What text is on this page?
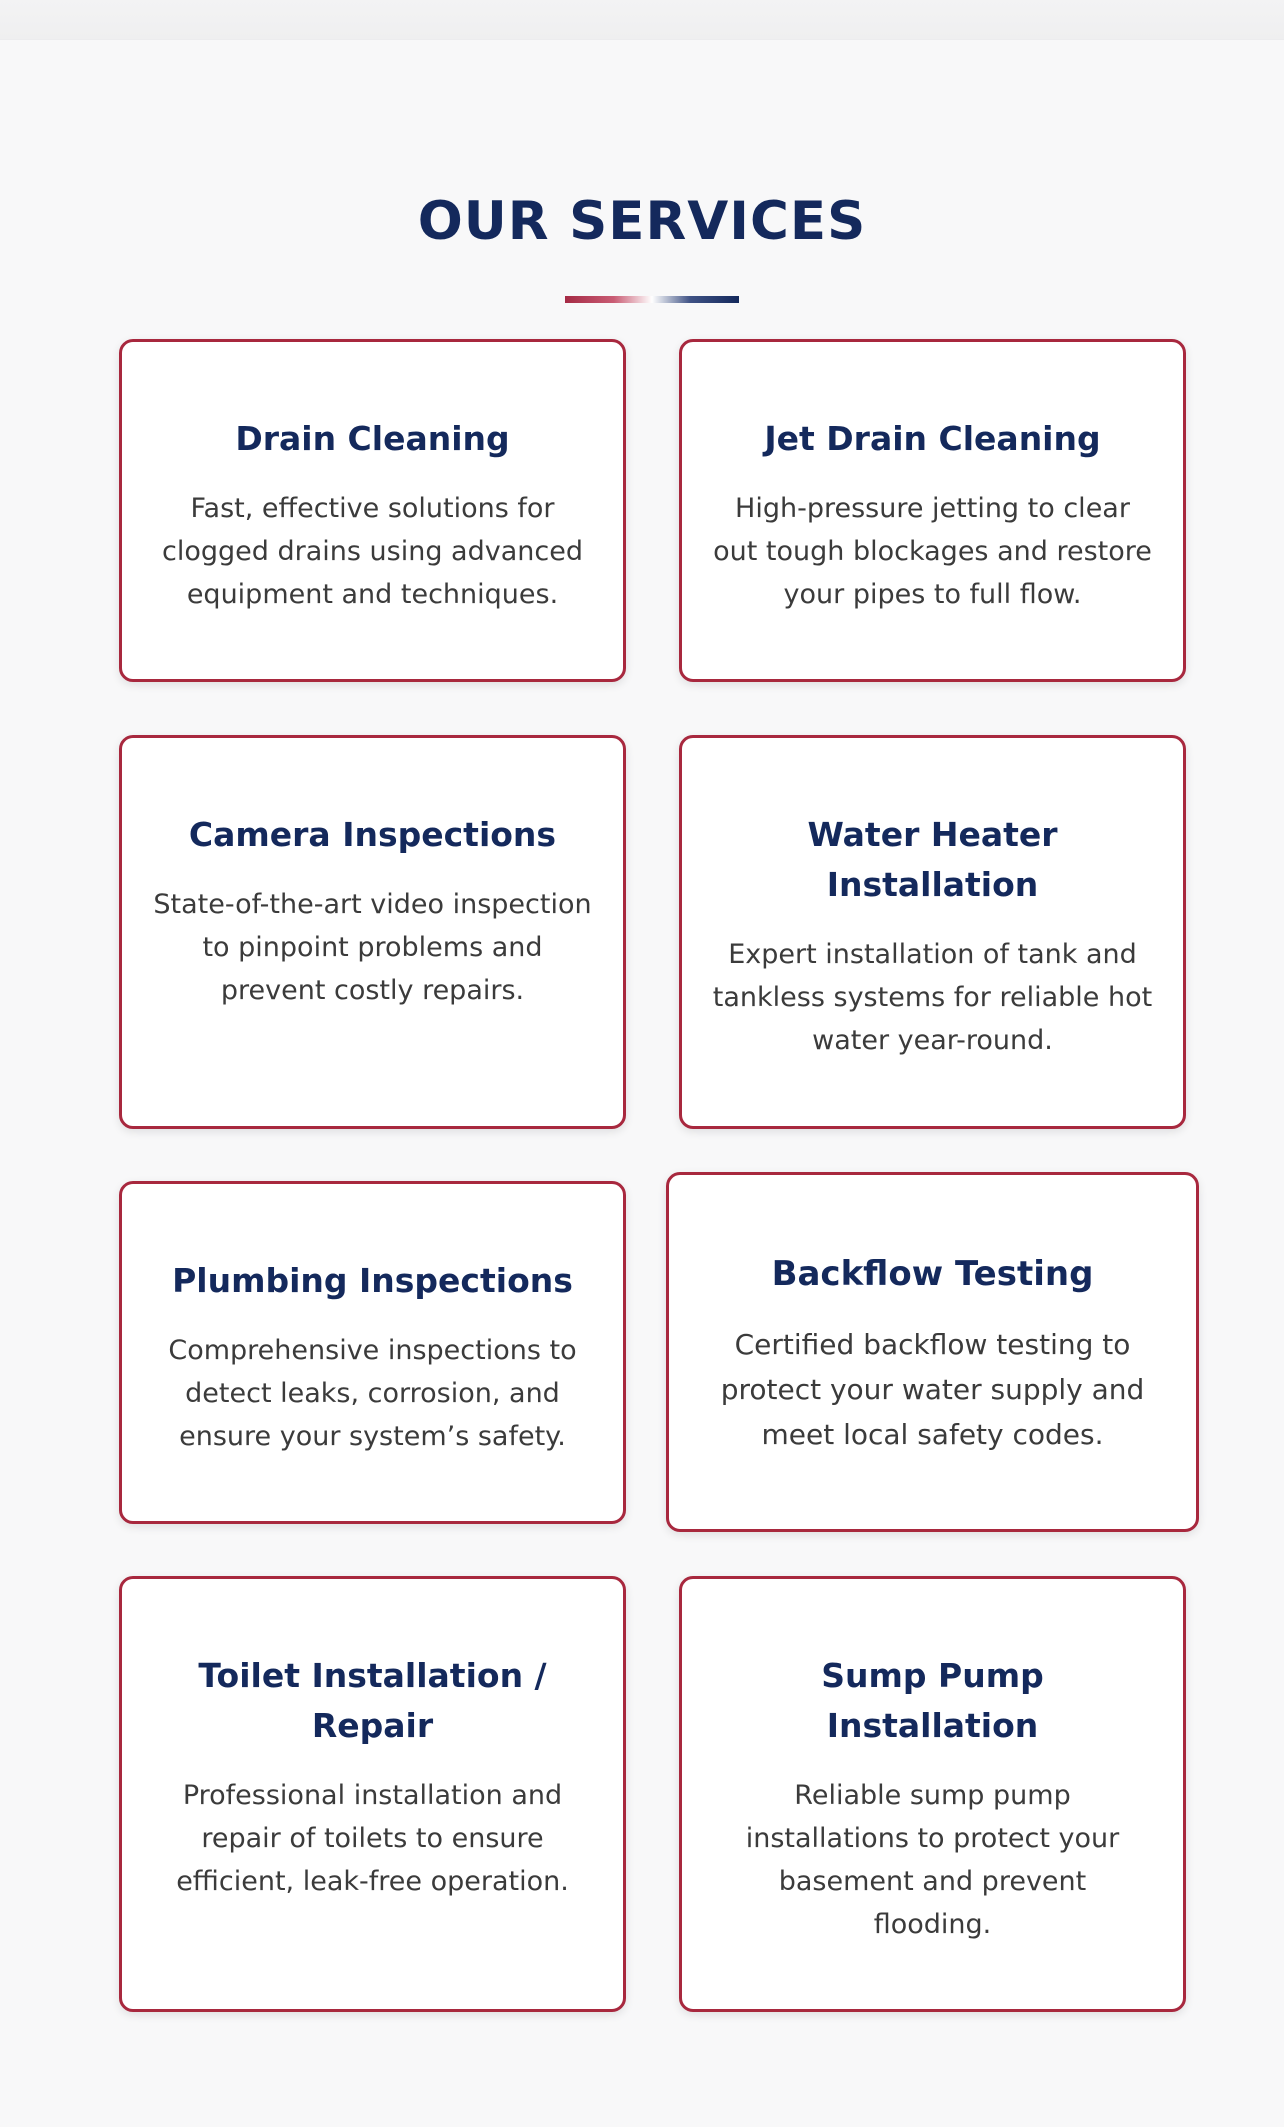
OUR SERVICES
Drain Cleaning

Fast, effective solutions for clogged drains using advanced equipment and techniques.

Jet Drain Cleaning

High-pressure jetting to clear out tough blockages and restore your pipes to full flow.

Camera Inspections

State-of-the-art video inspection to pinpoint problems and prevent costly repairs.

Water Heater Installation

Expert installation of tank and tankless systems for reliable hot water year-round.

Plumbing Inspections

Comprehensive inspections to detect leaks, corrosion, and ensure your system’s safety.

Backflow Testing

Certified backflow testing to protect your water supply and meet local safety codes.

Toilet Installation / Repair

Professional installation and repair of toilets to ensure efficient, leak-free operation.

Sump Pump Installation

Reliable sump pump installations to protect your basement and prevent flooding.
